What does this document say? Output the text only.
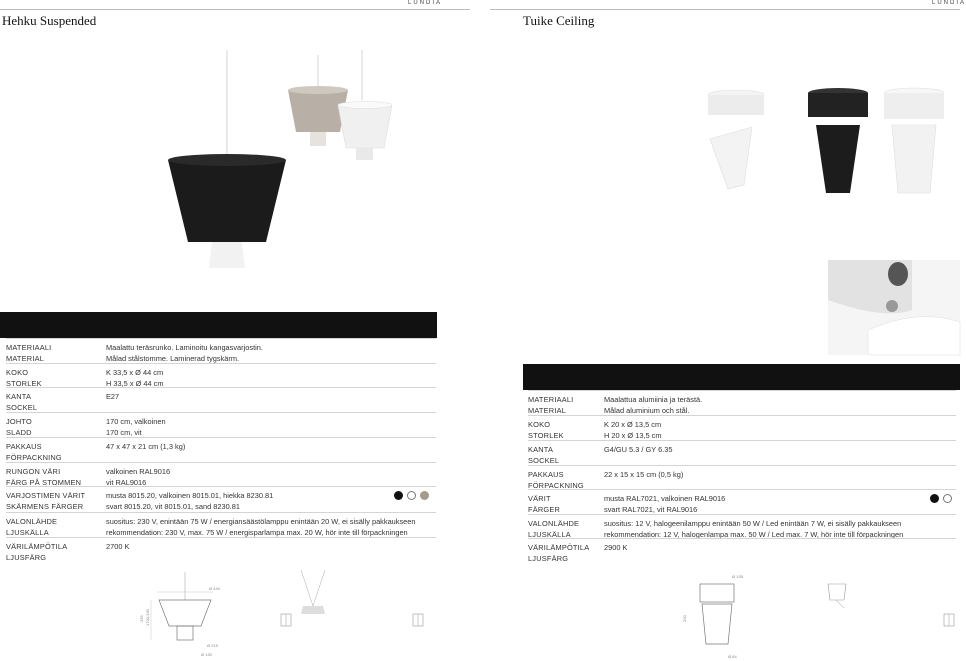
LUNDIA
Hehku Suspended
MATERIAALI
MATERIAL
Maalattu teräsrunko. Laminoitu kangasvarjostin.
Målad stålstomme. Laminerad tygskärm.
KOKO
STORLEK
K 33,5 x Ø 44 cm
H 33,5 x Ø 44 cm
KANTA
SOCKEL
E27

JOHTO
SLADD
170 cm, valkoinen
170 cm, vit
PAKKAUS
FÖRPACKNING
47 x 47 x 21 cm (1,3 kg)

RUNGON VÄRI
FÄRG PÅ STOMMEN
valkoinen RAL9016
vit RAL9016
VARJOSTIMEN VÄRIT
SKÄRMENS FÄRGER
musta 8015.20, valkoinen 8015.01, hiekka 8230.81
svart 8015.20, vit 8015.01, sand 8230.81
VALONLÄHDE
LJUSKÄLLA
suositus: 230 V, enintään 75 W / energiansäästölamppu enintään 20 W, ei sisälly pakkaukseen
rekommendation: 230 V, max. 75 W / energisparlampa max. 20 W, hör inte till förpackningen
VÄRILÄMPÖTILA
LJUSFÄRG
2700 K

Ø 440
Ø 215
Ø 130
335 1700-335
LUNDIA
Tuike Ceiling
MATERIAALI
MATERIAL
Maalattua alumiinia ja terästä.
Målad aluminium och stål.
KOKO
STORLEK
K 20 x Ø 13,5 cm
H 20 x Ø 13,5 cm
KANTA
SOCKEL
G4/GU 5.3 / GY 6.35

PAKKAUS
FÖRPACKNING
22 x 15 x 15 cm (0,5 kg)

VÄRIT
FÄRGER
musta RAL7021, valkoinen RAL9016
svart RAL7021, vit RAL9016
VALONLÄHDE
LJUSKÄLLA
suositus: 12 V, halogeenilamppu enintään 50 W / Led enintään 7 W, ei sisälly pakkaukseen
rekommendation: 12 V, halogenlampa max. 50 W / Led max. 7 W, hör inte till förpackningen
VÄRILÄMPÖTILA
LJUSFÄRG
2900 K

Ø 135
Ø 84
200
